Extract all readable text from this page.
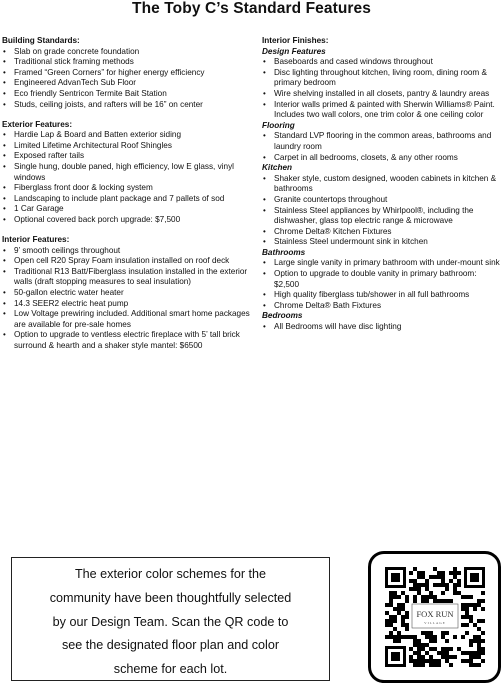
The Toby C’s Standard Features
Building Standards:
• Slab on grade concrete foundation
• Traditional stick framing methods
• Framed “Green Corners” for higher energy efficiency
• Engineered AdvanTech Sub Floor
• Eco friendly Sentricon Termite Bait Station
• Studs, ceiling joists, and rafters will be 16” on center
Exterior Features:
• Hardie Lap & Board and Batten exterior siding
• Limited Lifetime Architectural Roof Shingles
• Exposed rafter tails
• Single hung, double paned, high efficiency, low E glass, vinyl windows
• Fiberglass front door & locking system
• Landscaping to include plant package and 7 pallets of sod
• 1 Car Garage
• Optional covered back porch upgrade: $7,500
Interior Features:
• 9’ smooth ceilings throughout
• Open cell R20 Spray Foam insulation installed on roof deck
• Traditional R13 Batt/Fiberglass insulation installed in the exterior walls (draft stopping measures to seal insulation)
• 50-gallon electric water heater
• 14.3 SEER2 electric heat pump
• Low Voltage prewiring included. Additional smart home packages are available for pre-sale homes
• Option to upgrade to ventless electric fireplace with 5’ tall brick surround & hearth and a shaker style mantel: $6500
Interior Finishes:
Design Features
• Baseboards and cased windows throughout
• Disc lighting throughout kitchen, living room, dining room & primary bedroom
• Wire shelving installed in all closets, pantry & laundry areas
• Interior walls primed & painted with Sherwin Williams® Paint. Includes two wall colors, one trim color & one ceiling color
Flooring
• Standard LVP flooring in the common areas, bathrooms and laundry room
• Carpet in all bedrooms, closets, & any other rooms
Kitchen
• Shaker style, custom designed, wooden cabinets in kitchen & bathrooms
• Granite countertops throughout
• Stainless Steel appliances by Whirlpool®, including the dishwasher, glass top electric range & microwave
• Chrome Delta® Kitchen Fixtures
• Stainless Steel undermount sink in kitchen
Bathrooms
• Large single vanity in primary bathroom with under-mount sink
• Option to upgrade to double vanity in primary bathroom: $2,500
• High quality fiberglass tub/shower in all full bathrooms
• Chrome Delta® Bath Fixtures
Bedrooms
• All Bedrooms will have disc lighting
The exterior color schemes for the
community have been thoughtfully selected
by our Design Team. Scan the QR code to
see the designated floor plan and color
scheme for each lot.
FOX RUN
VILLAGE
